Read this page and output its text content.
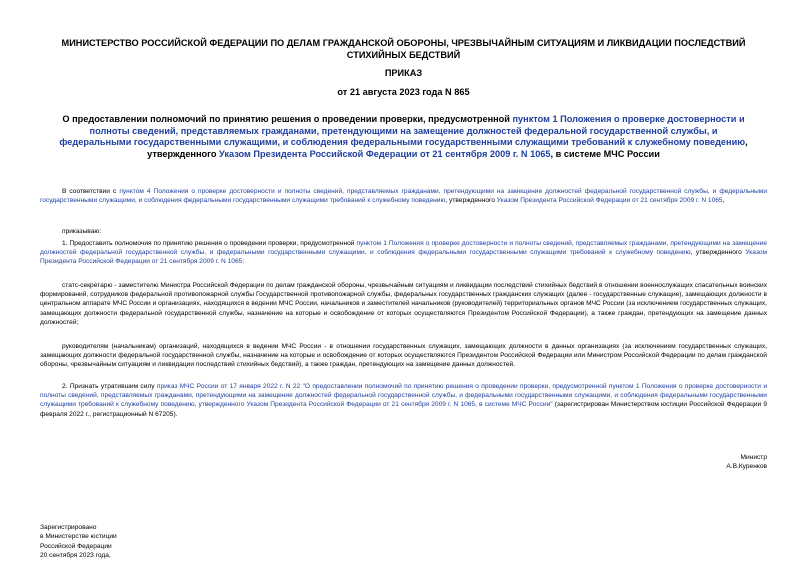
МИНИСТЕРСТВО РОССИЙСКОЙ ФЕДЕРАЦИИ ПО ДЕЛАМ ГРАЖДАНСКОЙ ОБОРОНЫ, ЧРЕЗВЫЧАЙНЫМ СИТУАЦИЯМ И ЛИКВИДАЦИИ ПОСЛЕДСТВИЙ СТИХИЙНЫХ БЕДСТВИЙ
ПРИКАЗ
от 21 августа 2023 года N 865
О предоставлении полномочий по принятию решения о проведении проверки, предусмотренной пунктом 1 Положения о проверке достоверности и полноты сведений, представляемых гражданами, претендующими на замещение должностей федеральной государственной службы, и федеральными государственными служащими, и соблюдения федеральными государственными служащими требований к служебному поведению, утвержденного Указом Президента Российской Федерации от 21 сентября 2009 г. N 1065, в системе МЧС России
В соответствии с пунктом 4 Положения о проверке достоверности и полноты сведений, представляемых гражданами, претендующими на замещение должностей федеральной государственной службы, и федеральными государственными служащими, и соблюдения федеральными государственными служащими требований к служебному поведению, утвержденного Указом Президента Российской Федерации от 21 сентября 2009 г. N 1065,
приказываю:
1. Предоставить полномочия по принятию решения о проведении проверки, предусмотренной пунктом 1 Положения о проверке достоверности и полноты сведений, представляемых гражданами, претендующими на замещение должностей федеральной государственной службы, и федеральными государственными служащими, и соблюдения федеральными государственными служащими требований к служебному поведению, утвержденного Указом Президента Российской Федерации от 21 сентября 2009 г. N 1065:
статс-секретарю - заместителю Министра Российской Федерации по делам гражданской обороны, чрезвычайным ситуациям и ликвидации последствий стихийных бедствий в отношении военнослужащих спасательных воинских формирований, сотрудников федеральной противопожарной службы Государственной противопожарной службы, федеральных государственных гражданских служащих (далее - государственные служащие), замещающих должности в центральном аппарате МЧС России и организациях, находящихся в ведении МЧС России, начальников и заместителей начальников (руководителей) территориальных органов МЧС России (за исключением государственных служащих, замещающих должности федеральной государственной службы, назначение на которые и освобождение от которых осуществляются Президентом Российской Федерации), а также граждан, претендующих на замещение данных должностей;
руководителям (начальникам) организаций, находящихся в ведении МЧС России - в отношении государственных служащих, замещающих должности в данных организациях (за исключением государственных служащих, замещающих должности федеральной государственной службы, назначение на которые и освобождение от которых осуществляются Президентом Российской Федерации или Министром Российской Федерации по делам гражданской обороны, чрезвычайным ситуациям и ликвидации последствий стихийных бедствий), а также граждан, претендующих на замещение данных должностей.
2. Признать утратившим силу приказ МЧС России от 17 января 2022 г. N 22 "О предоставлении полномочий по принятию решения о проведении проверки, предусмотренной пунктом 1 Положения о проверке достоверности и полноты сведений, представляемых гражданами, претендующими на замещение должностей федеральной государственной службы, и федеральными государственными служащими, и соблюдения федеральными государственными служащими требований к служебному поведению, утвержденного Указом Президента Российской Федерации от 21 сентября 2009 г. N 1065, в системе МЧС России" (зарегистрирован Министерством юстиции Российской Федерации 9 февраля 2022 г., регистрационный N 67205).
Министр
А.В.Куренков
Зарегистрировано
в Министерстве юстиции
Российской Федерации
20 сентября 2023 года,
